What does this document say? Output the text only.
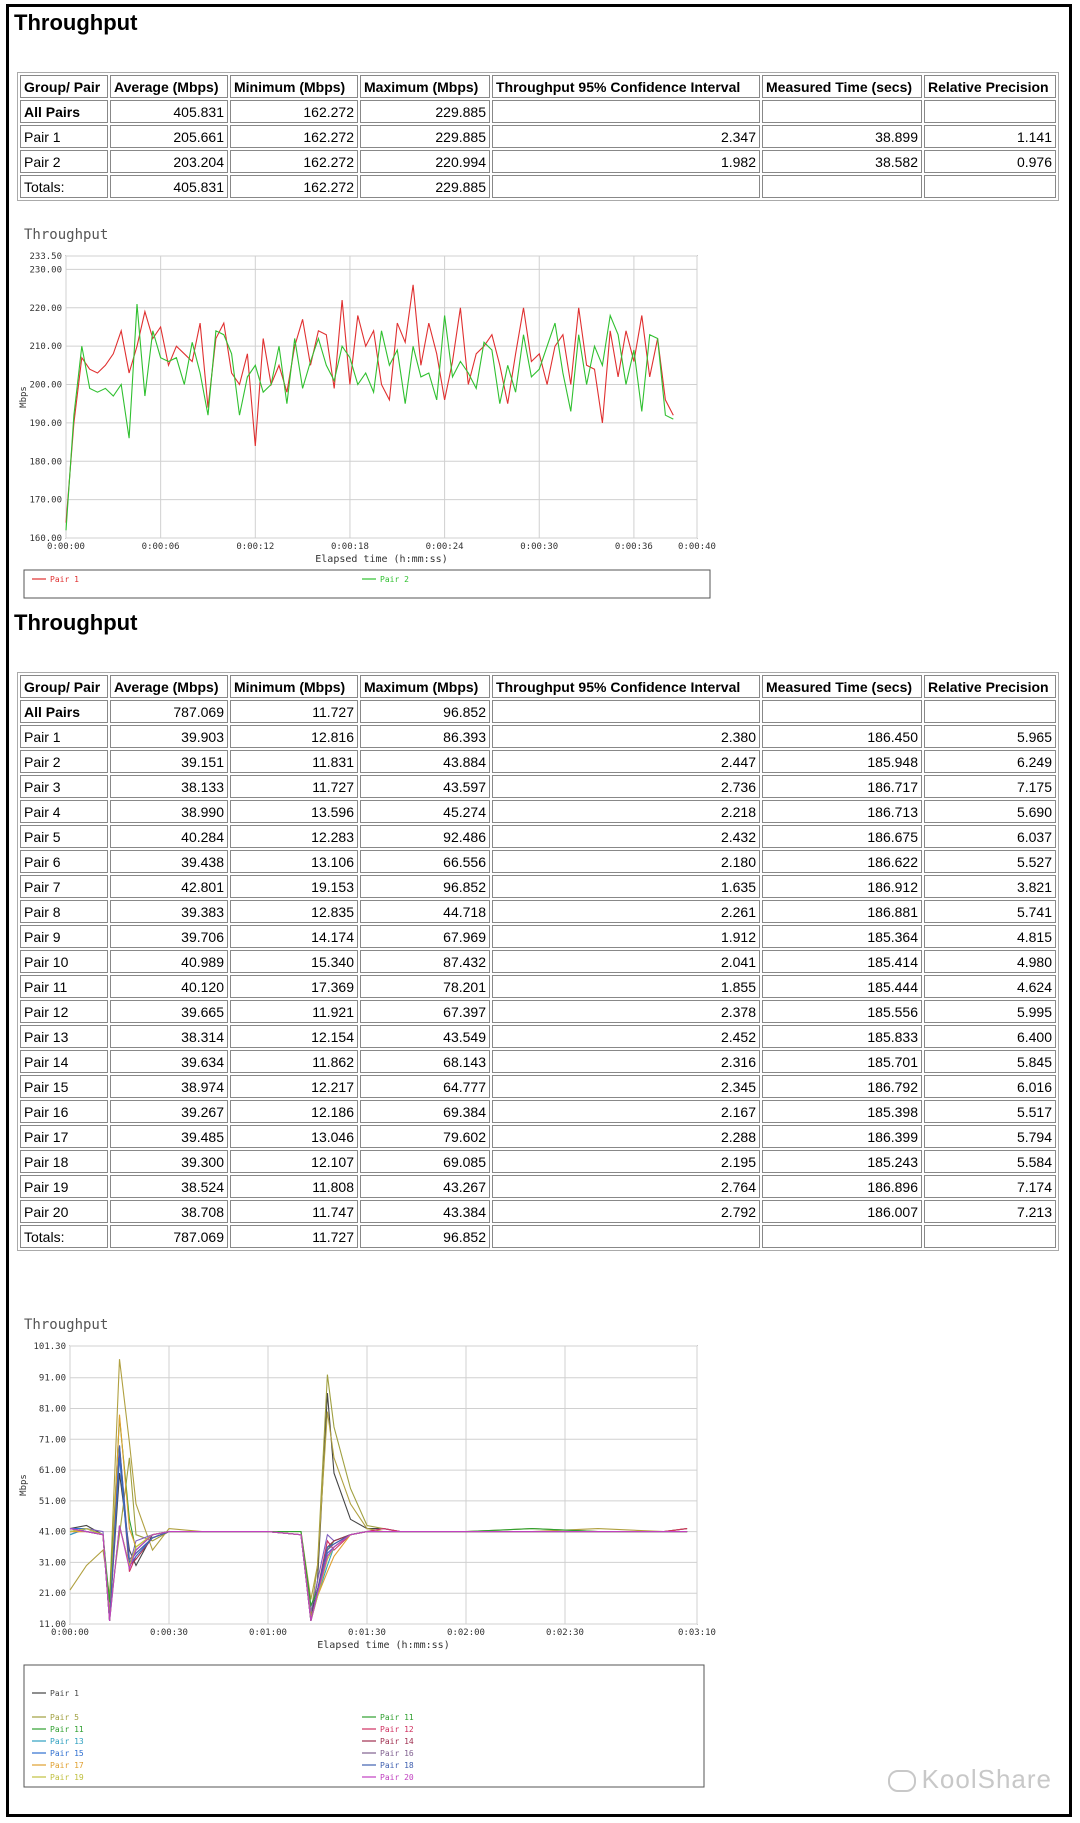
Throughput
Group/ Pair	Average (Mbps)	Minimum (Mbps)	Maximum (Mbps)	Throughput 95% Confidence Interval	Measured Time (secs)	Relative Precision
All Pairs	405.831	162.272	229.885			
Pair 1	205.661	162.272	229.885	2.347	38.899	1.141
Pair 2	203.204	162.272	220.994	1.982	38.582	0.976
Totals:	405.831	162.272	229.885			
Throughput
233.50
230.00
220.00
210.00
200.00
190.00
180.00
170.00
160.00
0:00:00	0:00:06	0:00:12	0:00:18	0:00:24	0:00:30	0:00:36	0:00:40
Elapsed time (h:mm:ss)
Mbps
Pair 1	Pair 2
Throughput
Group/ Pair	Average (Mbps)	Minimum (Mbps)	Maximum (Mbps)	Throughput 95% Confidence Interval	Measured Time (secs)	Relative Precision
All Pairs	787.069	11.727	96.852			
Pair 1	39.903	12.816	86.393	2.380	186.450	5.965
Pair 2	39.151	11.831	43.884	2.447	185.948	6.249
Pair 3	38.133	11.727	43.597	2.736	186.717	7.175
Pair 4	38.990	13.596	45.274	2.218	186.713	5.690
Pair 5	40.284	12.283	92.486	2.432	186.675	6.037
Pair 6	39.438	13.106	66.556	2.180	186.622	5.527
Pair 7	42.801	19.153	96.852	1.635	186.912	3.821
Pair 8	39.383	12.835	44.718	2.261	186.881	5.741
Pair 9	39.706	14.174	67.969	1.912	185.364	4.815
Pair 10	40.989	15.340	87.432	2.041	185.414	4.980
Pair 11	40.120	17.369	78.201	1.855	185.444	4.624
Pair 12	39.665	11.921	67.397	2.378	185.556	5.995
Pair 13	38.314	12.154	43.549	2.452	185.833	6.400
Pair 14	39.634	11.862	68.143	2.316	185.701	5.845
Pair 15	38.974	12.217	64.777	2.345	186.792	6.016
Pair 16	39.267	12.186	69.384	2.167	185.398	5.517
Pair 17	39.485	13.046	79.602	2.288	186.399	5.794
Pair 18	39.300	12.107	69.085	2.195	185.243	5.584
Pair 19	38.524	11.808	43.267	2.764	186.896	7.174
Pair 20	38.708	11.747	43.384	2.792	186.007	7.213
Totals:	787.069	11.727	96.852			
Throughput
101.30
91.00
81.00
71.00
61.00
51.00
41.00
31.00
21.00
11.00
0:00:00	0:00:30	0:01:00	0:01:30	0:02:00	0:02:30	0:03:10
Elapsed time (h:mm:ss)
Mbps
Pair 1
Pair 5
Pair 11
Pair 13
Pair 15
Pair 17
Pair 19
Pair 11
Pair 12
Pair 14
Pair 16
Pair 18
Pair 20	KoolShare
